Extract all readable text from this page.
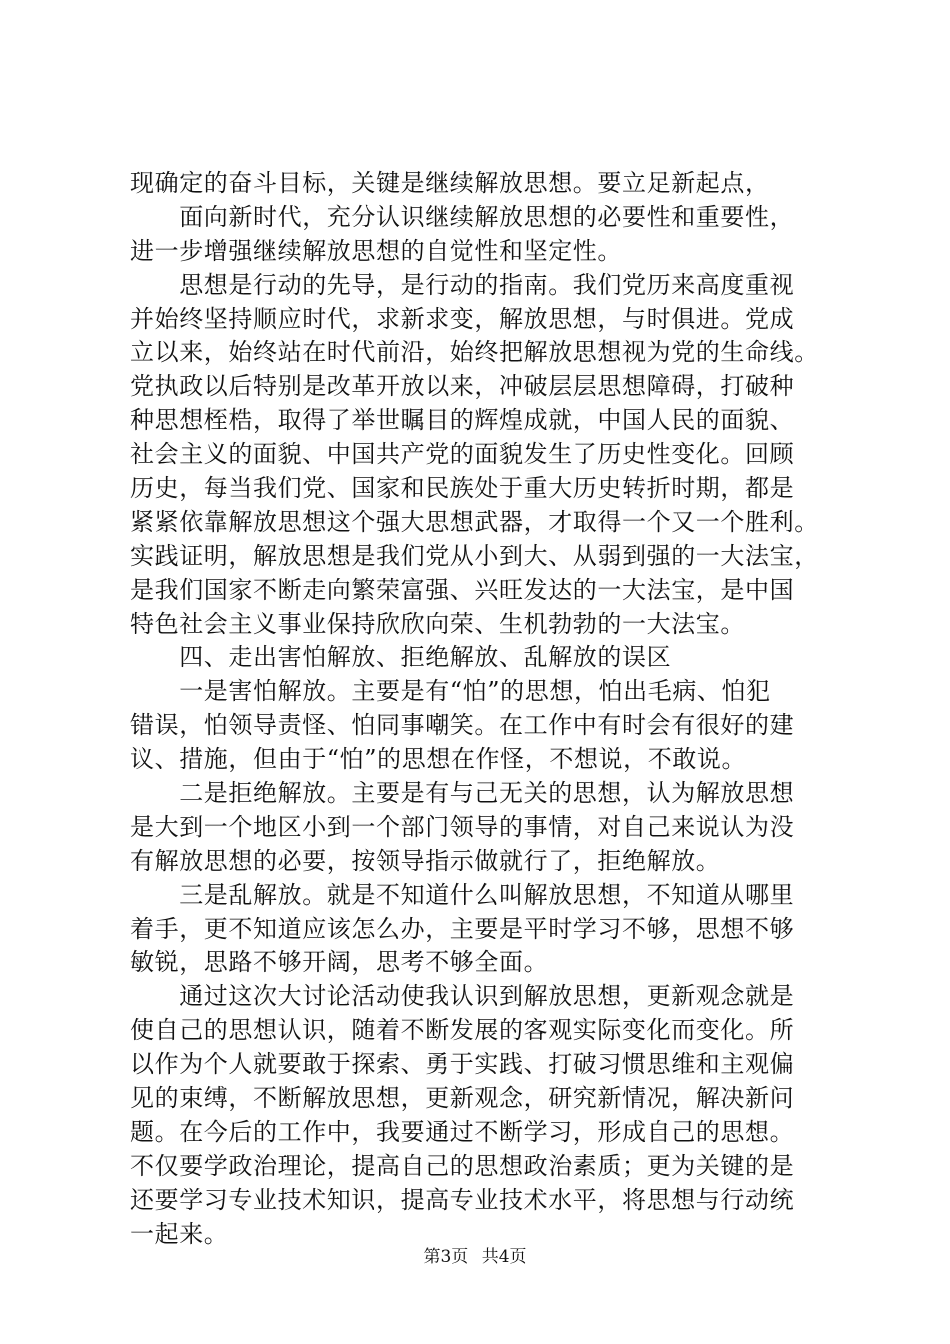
现确定的奋斗目标，关键是继续解放思想。要立足新起点，
　　面向新时代，充分认识继续解放思想的必要性和重要性，
进一步增强继续解放思想的自觉性和坚定性。
　　思想是行动的先导，是行动的指南。我们党历来高度重视
并始终坚持顺应时代，求新求变，解放思想，与时俱进。党成
立以来，始终站在时代前沿，始终把解放思想视为党的生命线。
党执政以后特别是改革开放以来，冲破层层思想障碍，打破种
种思想桎梏，取得了举世瞩目的辉煌成就，中国人民的面貌、
社会主义的面貌、中国共产党的面貌发生了历史性变化。回顾
历史，每当我们党、国家和民族处于重大历史转折时期，都是
紧紧依靠解放思想这个强大思想武器，才取得一个又一个胜利。
实践证明，解放思想是我们党从小到大、从弱到强的一大法宝，
是我们国家不断走向繁荣富强、兴旺发达的一大法宝，是中国
特色社会主义事业保持欣欣向荣、生机勃勃的一大法宝。
　　四、走出害怕解放、拒绝解放、乱解放的误区
　　一是害怕解放。主要是有“怕”的思想，怕出毛病、怕犯
错误，怕领导责怪、怕同事嘲笑。在工作中有时会有很好的建
议、措施，但由于“怕”的思想在作怪，不想说，不敢说。
　　二是拒绝解放。主要是有与己无关的思想，认为解放思想
是大到一个地区小到一个部门领导的事情，对自己来说认为没
有解放思想的必要，按领导指示做就行了，拒绝解放。
　　三是乱解放。就是不知道什么叫解放思想，不知道从哪里
着手，更不知道应该怎么办，主要是平时学习不够，思想不够
敏锐，思路不够开阔，思考不够全面。
　　通过这次大讨论活动使我认识到解放思想，更新观念就是
使自己的思想认识，随着不断发展的客观实际变化而变化。所
以作为个人就要敢于探索、勇于实践、打破习惯思维和主观偏
见的束缚，不断解放思想，更新观念，研究新情况，解决新问
题。在今后的工作中，我要通过不断学习，形成自己的思想。
不仅要学政治理论，提高自己的思想政治素质；更为关键的是
还要学习专业技术知识，提高专业技术水平，将思想与行动统
一起来。
第3页 共4页
